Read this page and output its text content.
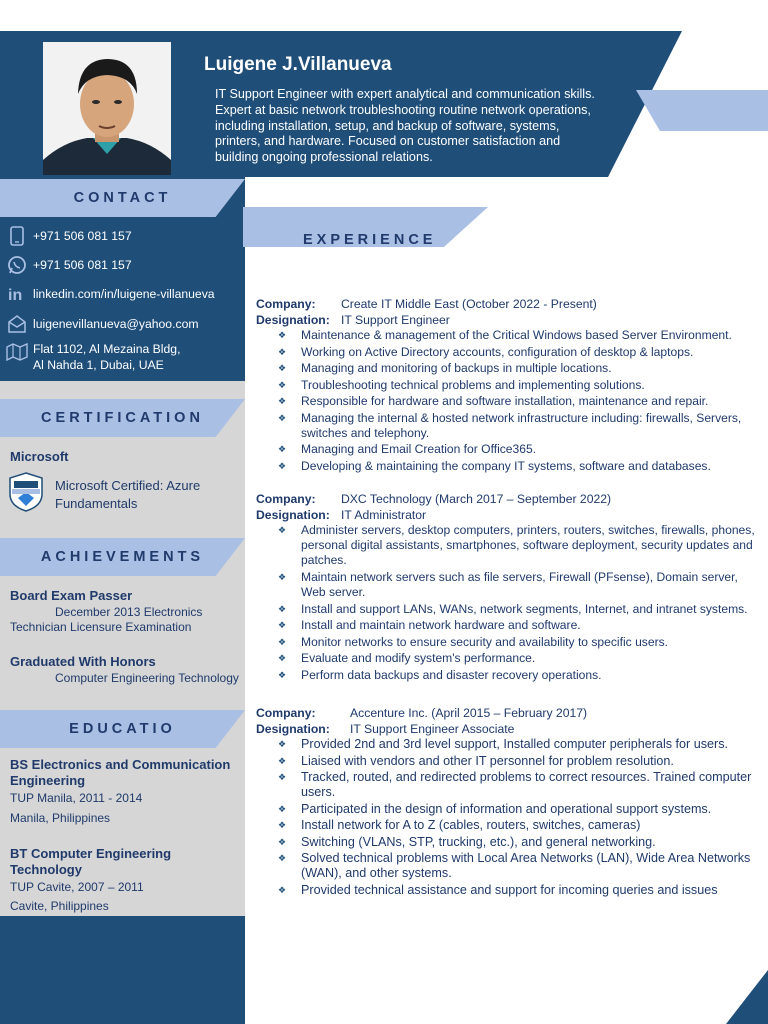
Luigene J.Villanueva
IT Support Engineer with expert analytical and communication skills. Expert at basic network troubleshooting routine network operations, including installation, setup, and backup of software, systems, printers, and hardware. Focused on customer satisfaction and building ongoing professional relations.
CONTACT
+971 506 081 157
+971 506 081 157
in linkedin.com/in/luigene-villanueva
luigenevillanueva@yahoo.com
Flat 1102, Al Mezaina Bldg,
Al Nahda 1, Dubai, UAE
CERTIFICATION
Microsoft
Microsoft Certified: Azure
Fundamentals
ACHIEVEMENTS
Board Exam Passer
December 2013 Electronics
Technician Licensure Examination
Graduated With Honors
Computer Engineering Technology
EDUCATIO
BS Electronics and Communication
Engineering
TUP Manila, 2011 - 2014
Manila, Philippines
BT Computer Engineering
Technology
TUP Cavite, 2007 – 2011
Cavite, Philippines
EXPERIENCE
Company:	Create IT Middle East (October 2022 - Present)
Designation: IT Support Engineer
❖ Maintenance & management of the Critical Windows based Server Environment.
❖ Working on Active Directory accounts, configuration of desktop & laptops.
❖ Managing and monitoring of backups in multiple locations.
❖ Troubleshooting technical problems and implementing solutions.
❖ Responsible for hardware and software installation, maintenance and repair.
❖ Managing the internal & hosted network infrastructure including: firewalls, Servers, switches and telephony.
❖ Managing and Email Creation for Office365.
❖ Developing & maintaining the company IT systems, software and databases.
Company:	DXC Technology (March 2017 – September 2022)
Designation: IT Administrator
❖ Administer servers, desktop computers, printers, routers, switches, firewalls, phones, personal digital assistants, smartphones, software deployment, security updates and patches.
❖ Maintain network servers such as file servers, Firewall (PFsense), Domain server, Web server.
❖ Install and support LANs, WANs, network segments, Internet, and intranet systems.
❖ Install and maintain network hardware and software.
❖ Monitor networks to ensure security and availability to specific users.
❖ Evaluate and modify system's performance.
❖ Perform data backups and disaster recovery operations.
Company:	Accenture Inc. (April 2015 – February 2017)
Designation:	IT Support Engineer Associate
❖ Provided 2nd and 3rd level support, Installed computer peripherals for users.
❖ Liaised with vendors and other IT personnel for problem resolution.
❖ Tracked, routed, and redirected problems to correct resources. Trained computer users.
❖ Participated in the design of information and operational support systems.
❖ Install network for A to Z (cables, routers, switches, cameras)
❖ Switching (VLANs, STP, trucking, etc.), and general networking.
❖ Solved technical problems with Local Area Networks (LAN), Wide Area Networks (WAN), and other systems.
❖ Provided technical assistance and support for incoming queries and issues
